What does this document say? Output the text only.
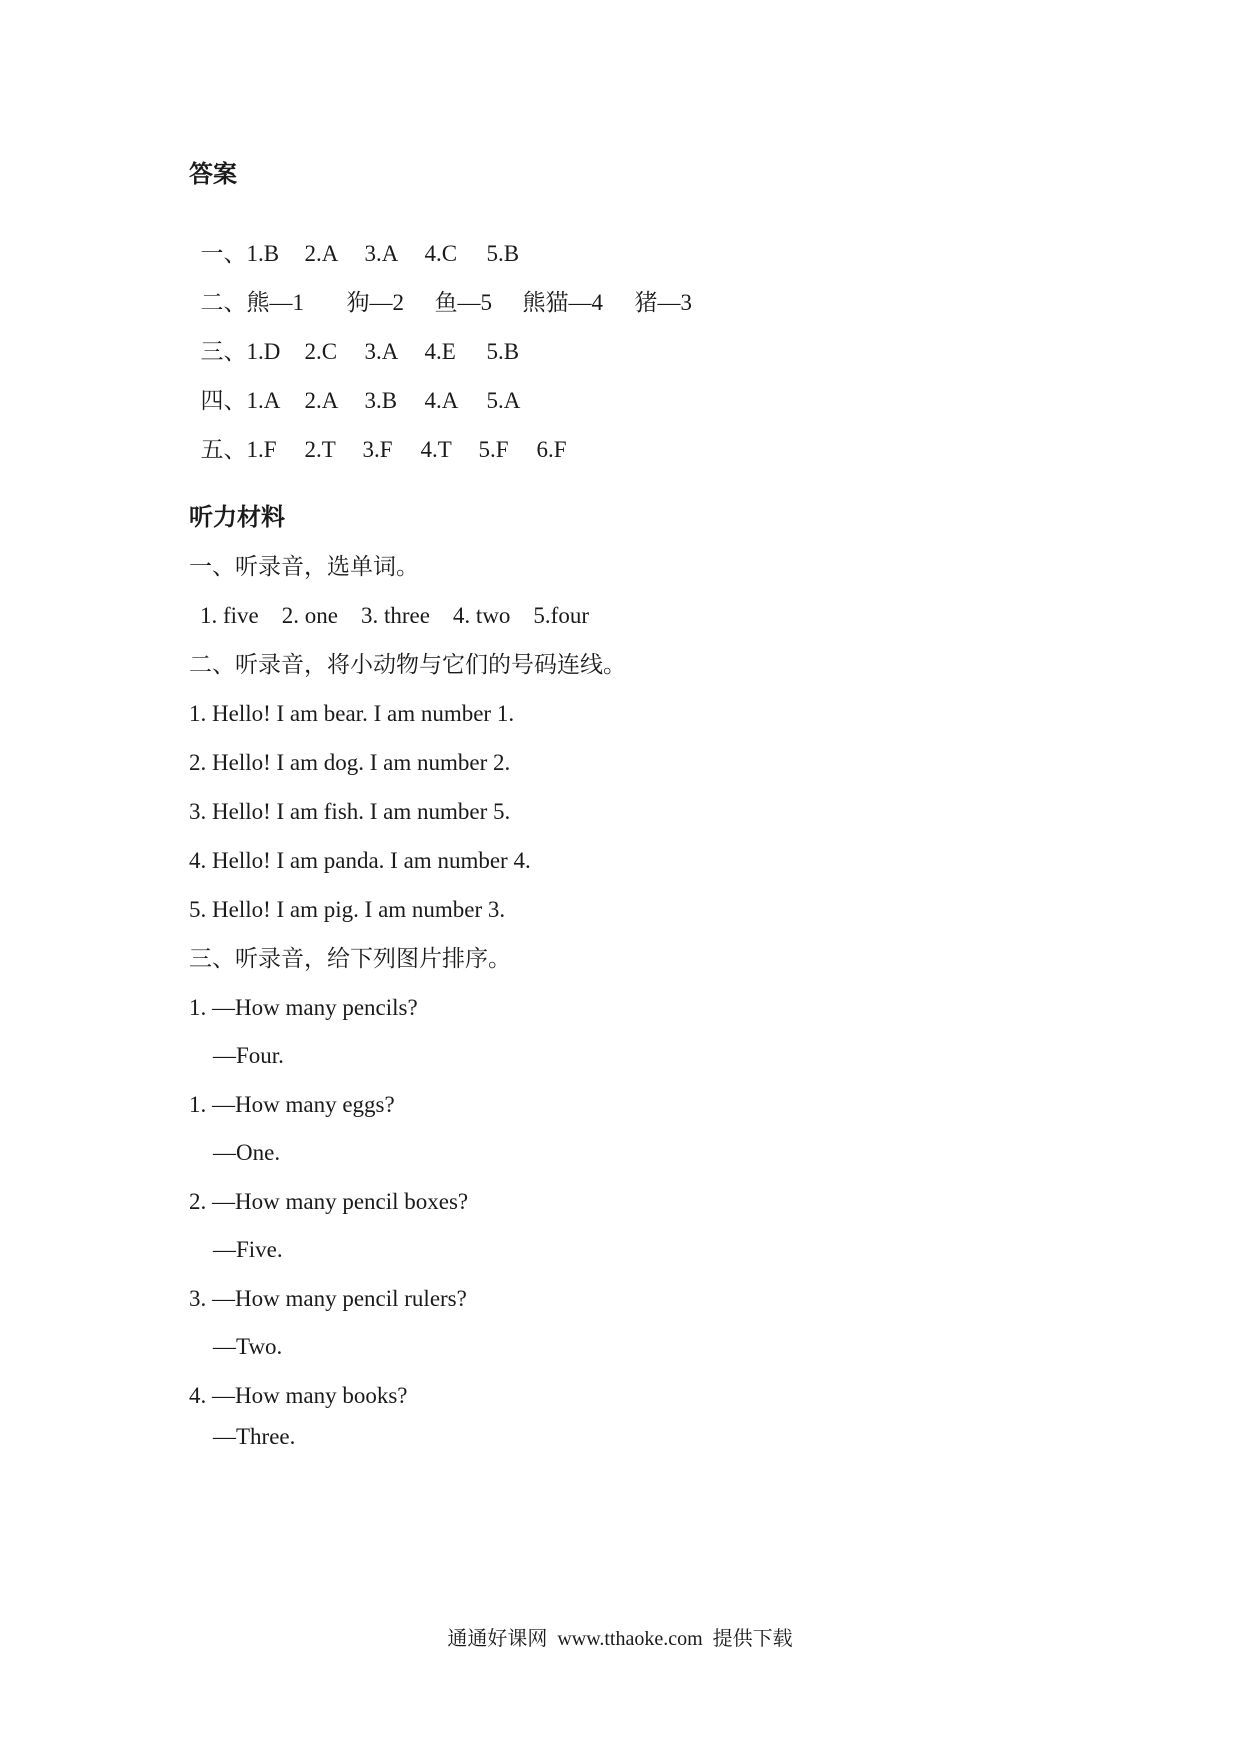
答案

一、1.B 2.A 3.A 4.C 5.B

二、熊—1 狗—2 鱼—5 熊猫—4 猪—3

三、1.D 2.C 3.A 4.E 5.B

四、1.A 2.A 3.B 4.A 5.A

五、1.F 2.T 3.F 4.T 5.F 6.F

听力材料
一、听录音，选单词。
1. five    2. one    3. three    4. two    5.four
二、听录音，将小动物与它们的号码连线。
1. Hello! I am bear. I am number 1.
2. Hello! I am dog. I am number 2.
3. Hello! I am fish. I am number 5.
4. Hello! I am panda. I am number 4.
5. Hello! I am pig. I am number 3.
三、听录音，给下列图片排序。
1. —How many pencils?
—Four.
1. —How many eggs?
—One.
2. —How many pencil boxes?
—Five.
3. —How many pencil rulers?
—Two.
4. —How many books?
—Three.
通通好课网  www.tthaoke.com  提供下载
